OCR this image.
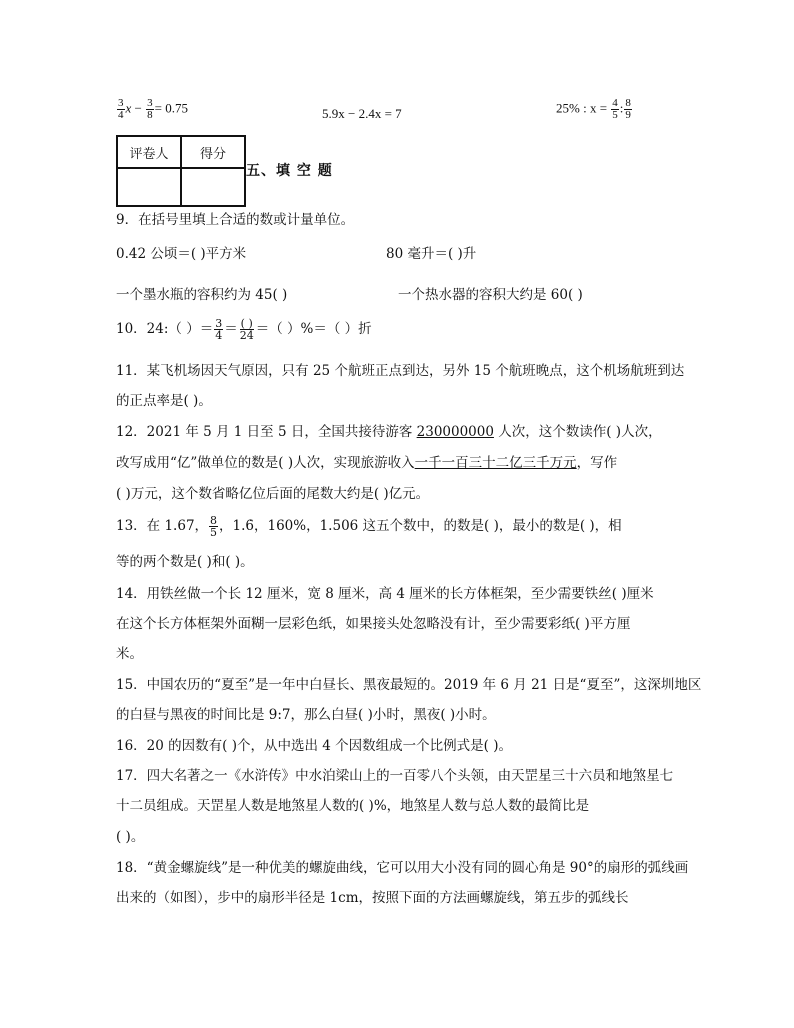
$\frac{3}{4}$ $x - \frac{3}{8} = 0.75$	5.9x − 2.4x = 7	25% : $x = \frac{4}{5}$ : $\frac{8}{9}$
评卷人	得分

五、填 空 题
9．在括号里填上合适的数或计量单位。
0.42 公顷＝( )平方米	80 毫升＝( )升
一个墨水瓶的容积约为 45( )	一个热水器的容积大约是 60( )
10．24:（ ）＝ $\frac{3}{4} = \frac{( )}{24}$ ＝（ ）%＝（ ）折
11．某飞机场因天气原因，只有 25 个航班正点到达，另外 15 个航班晚点，这个机场航班到达
的正点率是( )。
12．2021 年 5 月 1 日至 5 日，全国共接待游客 230000000 人次，这个数读作( )人次，
改写成用“亿”做单位的数是( )人次，实现旅游收入一千一百三十二亿三千万元，写作
( )万元，这个数省略亿位后面的尾数大约是( )亿元。
13．在 1.67， $\frac{8}{5}$ ，1.6̇，160%，1.506 这五个数中，的数是( )，最小的数是( )，相
等的两个数是( )和( )。
14．用铁丝做一个长 12 厘米，宽 8 厘米，高 4 厘米的长方体框架，至少需要铁丝( )厘米
在这个长方体框架外面糊一层彩色纸，如果接头处忽略没有计，至少需要彩纸( )平方厘
米。
15．中国农历的“夏至”是一年中白昼长、黑夜最短的。2019 年 6 月 21 日是“夏至”，这深圳地区
的白昼与黑夜的时间比是 9:7，那么白昼( )小时，黑夜( )小时。
16．20 的因数有( )个，从中选出 4 个因数组成一个比例式是( )。
17．四大名著之一《水浒传》中水泊梁山上的一百零八个头领，由天罡星三十六员和地煞星七
十二员组成。天罡星人数是地煞星人数的( )%，地煞星人数与总人数的最简比是
( )。
18．“黄金螺旋线”是一种优美的螺旋曲线，它可以用大小没有同的圆心角是 90°的扇形的弧线画
出来的（如图），步中的扇形半径是 1cm，按照下面的方法画螺旋线，第五步的弧线长
